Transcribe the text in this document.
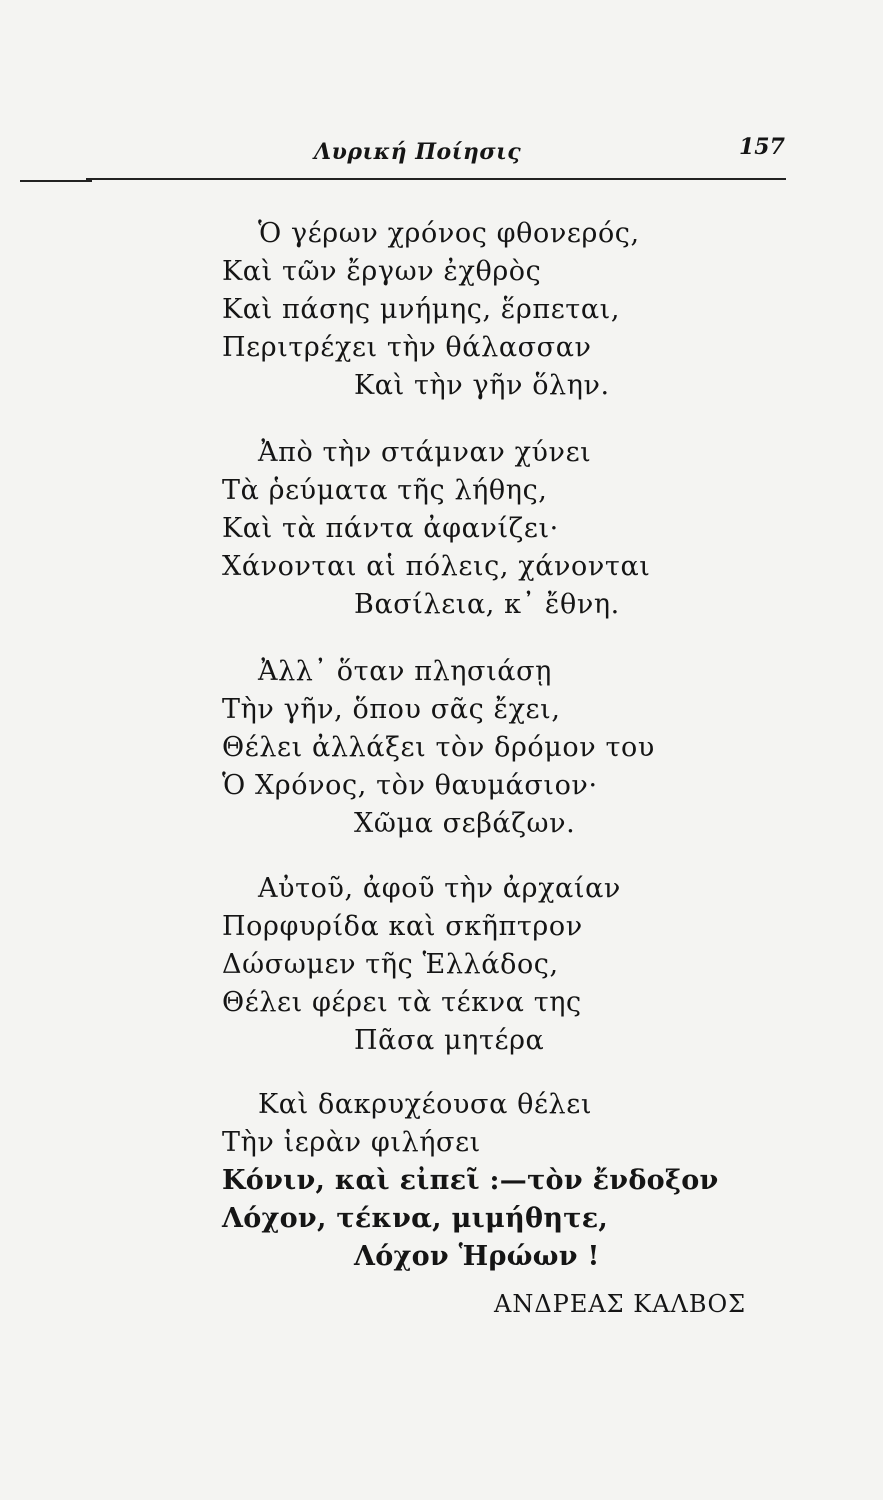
Λυρική Ποίησις	157
Ὁ γέρων χρόνος φθονερός,
Καὶ τῶν ἔργων ἐχθρὸς
Καὶ πάσης μνήμης, ἕρπεται,
Περιτρέχει τὴν θάλασσαν
Καὶ τὴν γῆν ὅλην.
Ἀπὸ τὴν στάμναν χύνει
Τὰ ῥεύματα τῆς λήθης,
Καὶ τὰ πάντα ἀφανίζει·
Χάνονται αἱ πόλεις, χάνονται
Βασίλεια, κ᾿ ἔθνη.
Ἀλλ᾿ ὅταν πλησιάσῃ
Τὴν γῆν, ὅπου σᾶς ἔχει,
Θέλει ἀλλάξει τὸν δρόμον του
Ὁ Χρόνος, τὸν θαυμάσιον·
Χῶμα σεβάζων.
Αὐτοῦ, ἀφοῦ τὴν ἀρχαίαν
Πορφυρίδα καὶ σκῆπτρον
Δώσωμεν τῆς Ἑλλάδος,
Θέλει φέρει τὰ τέκνα της
Πᾶσα μητέρα
Καὶ δακρυχέουσα θέλει
Τὴν ἱερὰν φιλήσει
Κόνιν, καὶ εἰπεῖ :—τὸν ἔνδοξον
Λόχον, τέκνα, μιμήθητε,
Λόχον Ἡρώων !
ΑΝΔΡΕΑΣ ΚΑΛΒΟΣ
